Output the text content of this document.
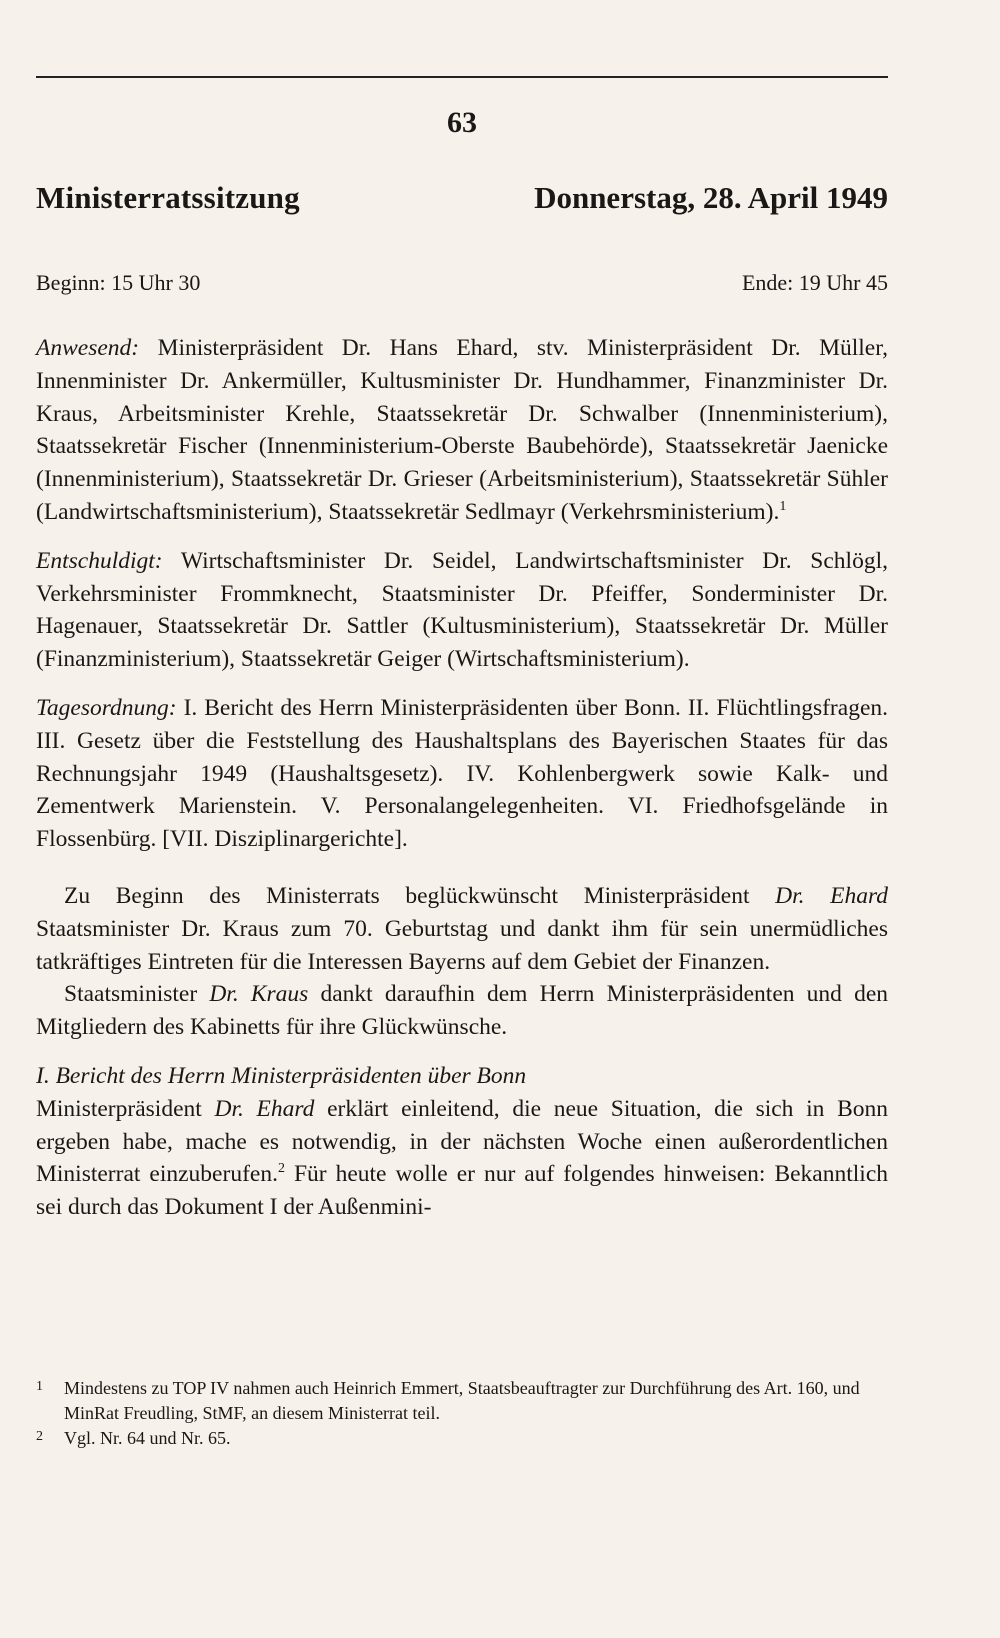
63
Ministerratssitzung	Donnerstag, 28. April 1949
Beginn: 15 Uhr 30	Ende: 19 Uhr 45

Anwesend: Ministerpräsident Dr. Hans Ehard, stv. Ministerpräsident Dr. Müller, Innenminister Dr. Ankermüller, Kultusminister Dr. Hundhammer, Finanzminister Dr. Kraus, Arbeitsminister Krehle, Staatssekretär Dr. Schwalber (Innenministerium), Staatssekretär Fischer (Innenministerium-Oberste Baubehörde), Staatssekretär Jaenicke (Innenministerium), Staatssekretär Dr. Grieser (Arbeitsministerium), Staatssekretär Sühler (Landwirtschaftsministerium), Staatssekretär Sedlmayr (Verkehrsministerium).$^1$

Entschuldigt: Wirtschaftsminister Dr. Seidel, Landwirtschaftsminister Dr. Schlögl, Verkehrsminister Frommknecht, Staatsminister Dr. Pfeiffer, Sonderminister Dr. Hagenauer, Staatssekretär Dr. Sattler (Kultusministerium), Staatssekretär Dr. Müller (Finanzministerium), Staatssekretär Geiger (Wirtschaftsministerium).

Tagesordnung: I. Bericht des Herrn Ministerpräsidenten über Bonn. II. Flüchtlingsfragen. III. Gesetz über die Feststellung des Haushaltsplans des Bayerischen Staates für das Rechnungsjahr 1949 (Haushaltsgesetz). IV. Kohlenbergwerk sowie Kalk- und Zementwerk Marienstein. V. Personalangelegenheiten. VI. Friedhofsgelände in Flossenbürg. [VII. Disziplinargerichte].

Zu Beginn des Ministerrats beglückwünscht Ministerpräsident Dr. Ehard Staatsminister Dr. Kraus zum 70. Geburtstag und dankt ihm für sein unermüdliches tatkräftiges Eintreten für die Interessen Bayerns auf dem Gebiet der Finanzen.

Staatsminister Dr. Kraus dankt daraufhin dem Herrn Ministerpräsidenten und den Mitgliedern des Kabinetts für ihre Glückwünsche.

I. Bericht des Herrn Ministerpräsidenten über Bonn

Ministerpräsident Dr. Ehard erklärt einleitend, die neue Situation, die sich in Bonn ergeben habe, mache es notwendig, in der nächsten Woche einen außerordentlichen Ministerrat einzuberufen.$^2$ Für heute wolle er nur auf folgendes hinweisen: Bekanntlich sei durch das Dokument I der Außenmini-

1 Mindestens zu TOP IV nahmen auch Heinrich Emmert, Staatsbeauftragter zur Durchführung des Art. 160, und MinRat Freudling, StMF, an diesem Ministerrat teil.
2 Vgl. Nr. 64 und Nr. 65.
